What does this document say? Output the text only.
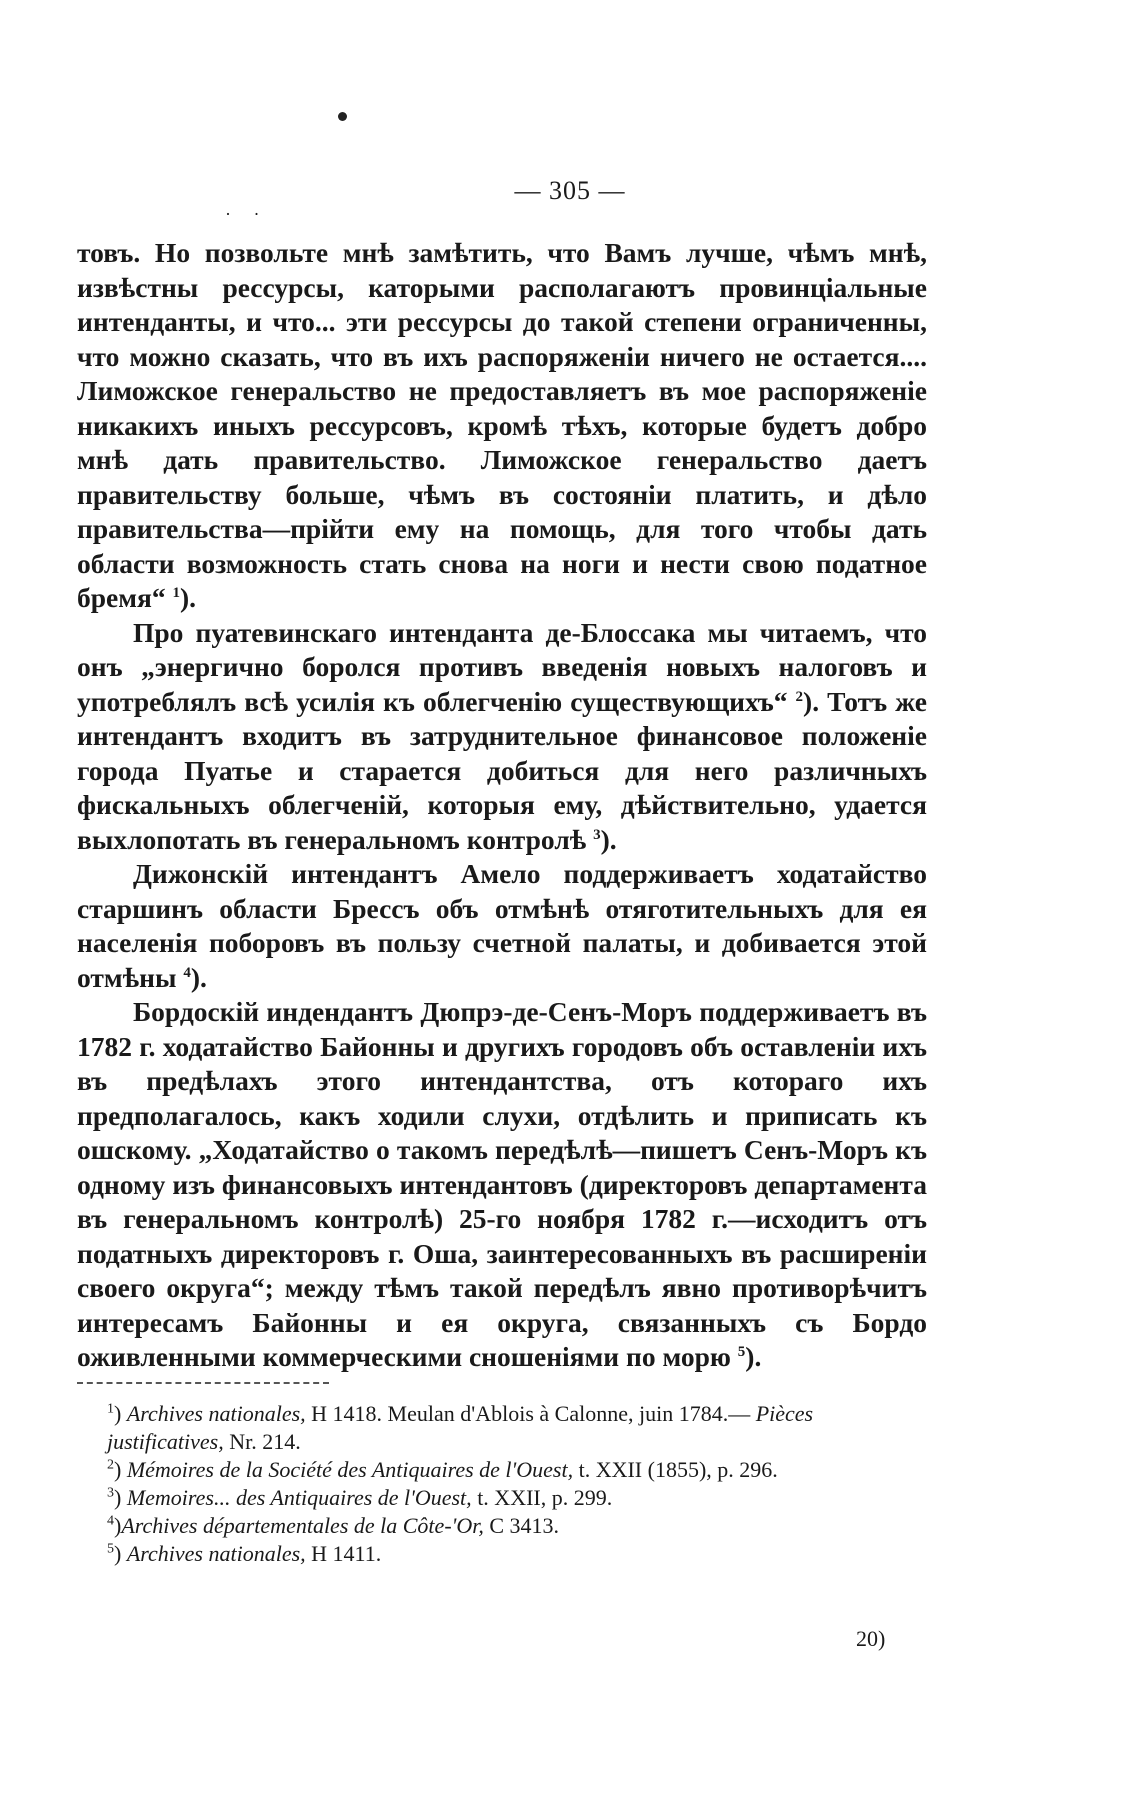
·     ·
— 305 —

товъ. Но позвольте мнѣ замѣтить, что Вамъ лучше, чѣмъ мнѣ, извѣстны рессурсы, каторыми располагаютъ провинціальные интенданты, и что... эти рессурсы до такой степени ограниченны, что можно сказать, что въ ихъ распоряженіи ничего не остается.... Лиможское генеральство не предоставляетъ въ мое распоряженіе никакихъ иныхъ рессурсовъ, кромѣ тѣхъ, которые будетъ добро мнѣ дать правительство. Лиможское генеральство даетъ правительству больше, чѣмъ въ состояніи платить, и дѣло правительства—прійти ему на помощь, для того чтобы дать области возможность стать снова на ноги и нести свою податное бремя“ $^1$).

Про пуатевинскаго интенданта де-Блоссака мы читаемъ, что онъ „энергично боролся противъ введенія новыхъ налоговъ и употреблялъ всѣ усилія къ облегченію существующихъ“ $^2$). Тотъ же интендантъ входитъ въ затруднительное финансовое положеніе города Пуатье и старается добиться для него различныхъ фискальныхъ облегченій, которыя ему, дѣйствительно, удается выхлопотать въ генеральномъ контролѣ $^3$).

Дижонскій интендантъ Амело поддерживаетъ ходатайство старшинъ области Брессъ объ отмѣнѣ отяготительныхъ для ея населенія поборовъ въ пользу счетной палаты, и добивается этой отмѣны $^4$).

Бордоскій индендантъ Дюпрэ-де-Сенъ-Моръ поддерживаетъ въ 1782 г. ходатайство Байонны и другихъ городовъ объ оставленіи ихъ въ предѣлахъ этого интендантства, отъ котораго ихъ предполагалось, какъ ходили слухи, отдѣлить и приписать къ ошскому. „Ходатайство о такомъ передѣлѣ—пишетъ Сенъ-Моръ къ одному изъ финансовыхъ интендантовъ (директоровъ департамента въ генеральномъ контролѣ) 25-го ноября 1782 г.—исходитъ отъ податныхъ директоровъ г. Оша, заинтересованныхъ въ расширеніи своего округа“; между тѣмъ такой передѣлъ явно противорѣчитъ интересамъ Байонны и ея округа, связанныхъ съ Бордо оживленными коммерческими сношеніями по морю $^5$).

$^1$) Archives nationales, H 1418. Meulan d'Ablois à Calonne, juin 1784.— Pièces justificatives, Nr. 214.

$^2$) Mémoires de la Société des Antiquaires de l'Ouest, t. XXII (1855), p. 296.

$^3$) Memoires... des Antiquaires de l'Ouest, t. XXII, p. 299.

$^4$)Archives départementales de la Côte-'Or, C 3413.

$^5$) Archives nationales, H 1411.

20)
